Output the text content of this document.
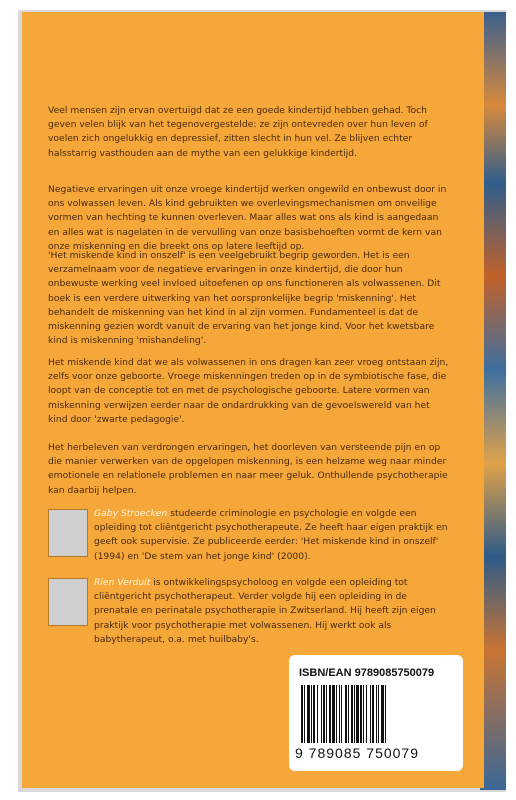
Veel mensen zijn ervan overtuigd dat ze een goede kindertijd hebben gehad. Toch geven velen blijk van het tegenovergestelde: ze zijn ontevreden over hun leven of voelen zich ongelukkig en depressief, zitten slecht in hun vel. Ze blijven echter halsstarrig vasthouden aan de mythe van een gelukkige kindertijd.
Negatieve ervaringen uit onze vroege kindertijd werken ongewild en onbewust door in ons volwassen leven. Als kind gebruikten we overlevingsmechanismen om onveilige vormen van hechting te kunnen overleven. Maar alles wat ons als kind is aangedaan en alles wat is nagelaten in de vervulling van onze basisbehoeften vormt de kern van onze miskenning en die breekt ons op latere leeftijd op.
'Het miskende kind in onszelf' is een veelgebruikt begrip geworden. Het is een verzamelnaam voor de negatieve ervaringen in onze kindertijd, die door hun onbewuste werking veel invloed uitoefenen op ons functioneren als volwassenen. Dit boek is een verdere uitwerking van het oorspronkelijke begrip 'miskenning'. Het behandelt de miskenning van het kind in al zijn vormen. Fundamenteel is dat de miskenning gezien wordt vanuit de ervaring van het jonge kind. Voor het kwetsbare kind is miskenning 'mishandeling'.
Het miskende kind dat we als volwassenen in ons dragen kan zeer vroeg ontstaan zijn, zelfs voor onze geboorte. Vroege miskenningen treden op in de symbiotische fase, die loopt van de conceptie tot en met de psychologische geboorte. Latere vormen van miskenning verwijzen eerder naar de ondardrukking van de gevoelswereld van het kind door 'zwarte pedagogie'.
Het herbeleven van verdrongen ervaringen, het doorleven van versteende pijn en op die manier verwerken van de opgelopen miskenning, is een helzame weg naar minder emotionele en relationele problemen en naar meer geluk. Onthullende psychotherapie kan daarbij helpen.
Gaby Stroecken studeerde criminologie en psychologie en volgde een opleiding tot cliëntgericht psychotherapeute. Ze heeft haar eigen praktijk en geeft ook supervisie. Ze publiceerde eerder: 'Het miskende kind in onszelf' (1994) en 'De stem van het jonge kind' (2000).
Rien Verdult is ontwikkelingspsycholoog en volgde een opleiding tot cliëntgericht psychotherapeut. Verder volgde hij een opleiding in de prenatale en perinatale psychotherapie in Zwitserland. Hij heeft zijn eigen praktijk voor psychotherapie met volwassenen. Hij werkt ook als babytherapeut, o.a. met huilbaby's.
ISBN/EAN 9789085750079
9 789085 750079
